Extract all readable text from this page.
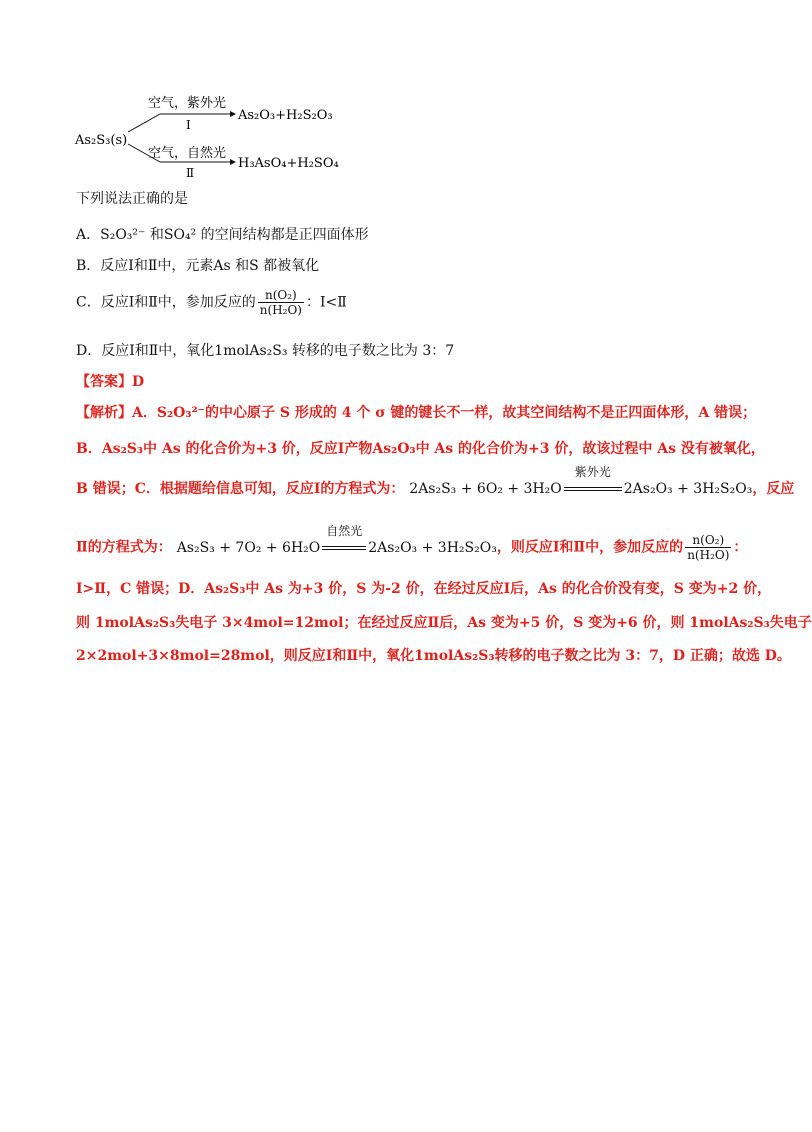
As₂S₃(s)
空气，紫外光
Ⅰ
As₂O₃+H₂S₂O₃
空气，自然光
Ⅱ
H₃AsO₄+H₂SO₄
下列说法正确的是
A．S₂O₃²⁻ 和SO₄² 的空间结构都是正四面体形
B．反应Ⅰ和Ⅱ中，元素As 和S 都被氧化
C．反应Ⅰ和Ⅱ中，参加反应的 $\frac{\text{n(O₂)}}{\text{n(H₂O)}}$ ：Ⅰ<Ⅱ
D．反应Ⅰ和Ⅱ中，氧化1molAs₂S₃ 转移的电子数之比为 3：7
【答案】D
【解析】A．S₂O₃²⁻的中心原子 S 形成的 4 个 σ 键的键长不一样，故其空间结构不是正四面体形，A 错误；
B．As₂S₃中 As 的化合价为+3 价，反应Ⅰ产物As₂O₃中 As 的化合价为+3 价，故该过程中 As 没有被氧化，
B 错误；C．根据题给信息可知，反应Ⅰ的方程式为： 2As₂S₃ + 6O₂ + 3H₂O
紫外光
2As₂O₃ + 3H₂S₂O₃，反应
Ⅱ的方程式为： As₂S₃ + 7O₂ + 6H₂O
自然光
2As₂O₃ + 3H₂S₂O₃，则反应Ⅰ和Ⅱ中，参加反应的 $\frac{\text{n(O₂)}}{\text{n(H₂O)}}$ ：
Ⅰ>Ⅱ，C 错误；D．As₂S₃中 As 为+3 价，S 为-2 价，在经过反应Ⅰ后，As 的化合价没有变，S 变为+2 价，
则 1molAs₂S₃失电子 3×4mol=12mol；在经过反应Ⅱ后，As 变为+5 价，S 变为+6 价，则 1molAs₂S₃失电子
2×2mol+3×8mol=28mol，则反应Ⅰ和Ⅱ中，氧化1molAs₂S₃转移的电子数之比为 3：7，D 正确；故选 D。
